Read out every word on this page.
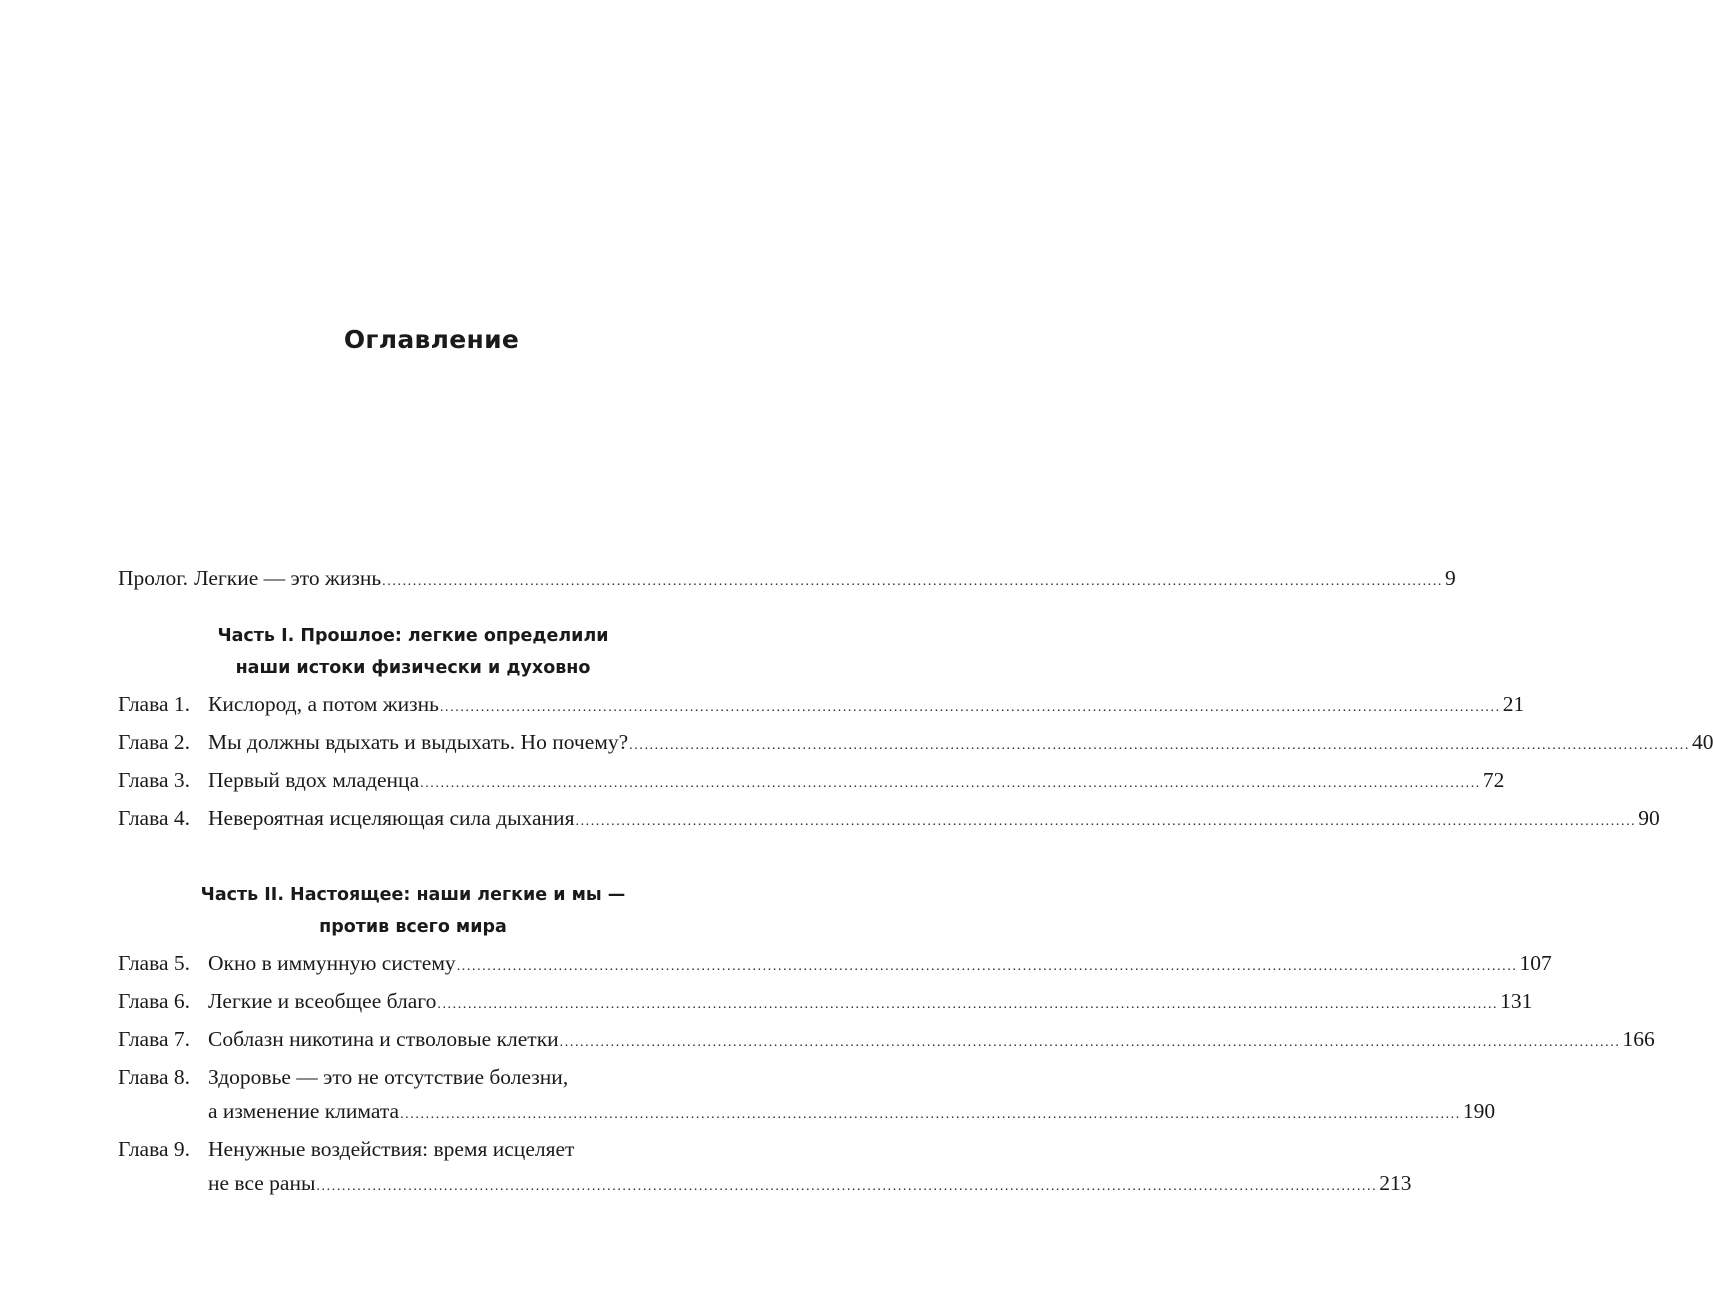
Оглавление
Пролог. Легкие — это жизнь .....	9
Часть I. Прошлое: легкие определили
наши истоки физически и духовно
Глава 1. Кислород, а потом жизнь .....	21
Глава 2. Мы должны вдыхать и выдыхать. Но почему? .....	40
Глава 3. Первый вдох младенца .....	72
Глава 4. Невероятная исцеляющая сила дыхания .....	90
Часть II. Настоящее: наши легкие и мы —
против всего мира
Глава 5. Окно в иммунную систему .....	107
Глава 6. Легкие и всеобщее благо .....	131
Глава 7. Соблазн никотина и стволовые клетки .....	166
Глава 8. Здоровье — это не отсутствие болезни,
а изменение климата .....	190
Глава 9. Ненужные воздействия: время исцеляет
не все раны .....	213
